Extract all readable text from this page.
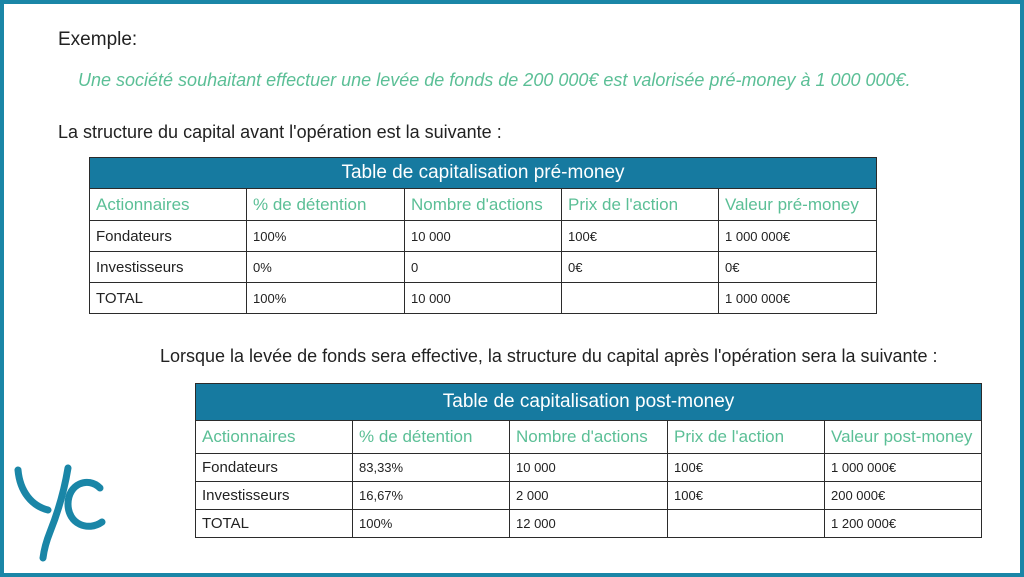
Exemple:
Une société souhaitant effectuer une levée de fonds de 200 000€ est valorisée pré-money à 1 000 000€.
La structure du capital avant l'opération est la suivante :
Table de capitalisation pré-money				
Actionnaires	% de détention	Nombre d'actions	Prix de l'action	Valeur pré-money
Fondateurs	100%	10 000	100€	1 000 000€
Investisseurs	0%	0	0€	0€
TOTAL	100%	10 000		1 000 000€
Lorsque la levée de fonds sera effective, la structure du capital après l'opération sera la suivante :
Table de capitalisation post-money				
Actionnaires	% de détention	Nombre d'actions	Prix de l'action	Valeur post-money
Fondateurs	83,33%	10 000	100€	1 000 000€
Investisseurs	16,67%	2 000	100€	200 000€
TOTAL	100%	12 000		1 200 000€
